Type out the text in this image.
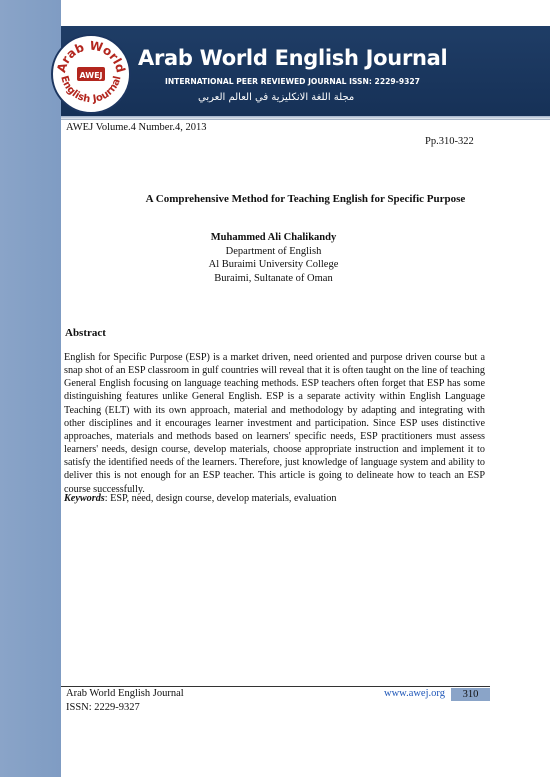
Arab World
English Journal
AWEJ
Arab World English Journal
INTERNATIONAL PEER REVIEWED JOURNAL ISSN: 2229-9327
مجلة اللغة الانكليزية في العالم العربي
AWEJ Volume.4 Number.4, 2013
Pp.310-322
A Comprehensive Method for Teaching English for Specific Purpose
Muhammed Ali Chalikandy
Department of English
Al Buraimi University College
Buraimi, Sultanate of Oman
Abstract

English for Specific Purpose (ESP) is a market driven, need oriented and purpose driven course but a snap shot of an ESP classroom in gulf countries will reveal that it is often taught on the line of teaching General English focusing on language teaching methods. ESP teachers often forget that ESP has some distinguishing features unlike General English. ESP is a separate activity within English Language Teaching (ELT) with its own approach, material and methodology by adapting and integrating with other disciplines and it encourages learner investment and participation. Since ESP uses distinctive approaches, materials and methods based on learners' specific needs, ESP practitioners must assess learners' needs, design course, develop materials, choose appropriate instruction and implement it to satisfy the identified needs of the learners. Therefore, just knowledge of language system and ability to deliver this is not enough for an ESP teacher. This article is going to delineate how to teach an ESP course successfully.

Keywords: ESP, need, design course, develop materials, evaluation

Arab World English Journal
ISSN: 2229-9327
www.awej.org	310
